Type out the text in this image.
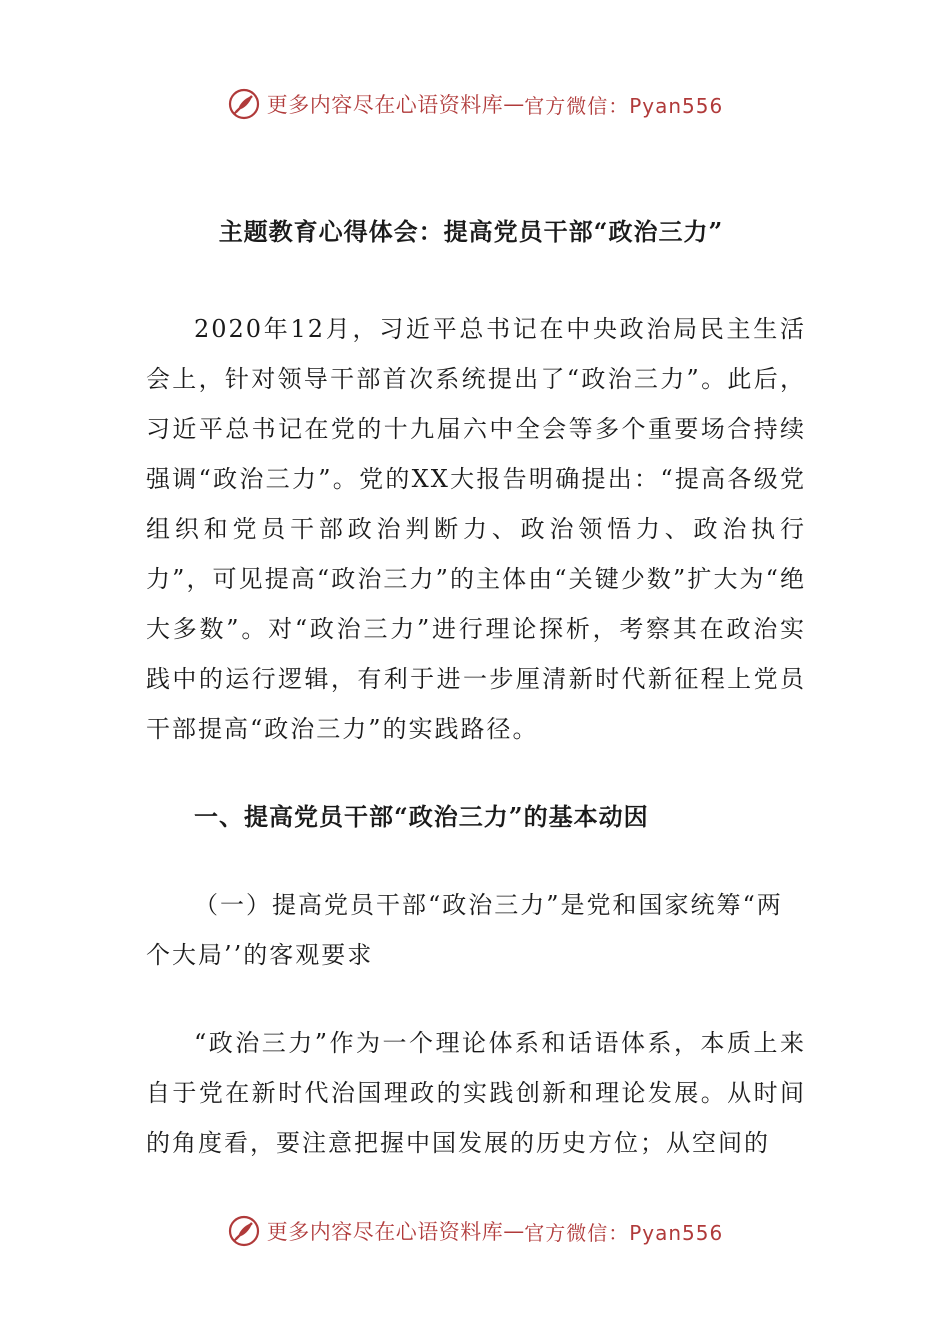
更多内容尽在心语资料库 — 官方微信：Pyan556
主题教育心得体会：提高党员干部“政治三力”

2020年12月，习近平总书记在中央政治局民主生活会上，针对领导干部首次系统提出了“政治三力”。此后，习近平总书记在党的十九届六中全会等多个重要场合持续强调“政治三力”。党的XX大报告明确提出：“提高各级党组织和党员干部政治判断力、政治领悟力、政治执行力”，可见提高“政治三力”的主体由“关键少数”扩大为“绝大多数”。对“政治三力”进行理论探析，考察其在政治实践中的运行逻辑，有利于进一步厘清新时代新征程上党员干部提高“政治三力”的实践路径。

一、提高党员干部“政治三力”的基本动因
（一）提高党员干部“政治三力”是党和国家统筹“两个大局’’的客观要求

“政治三力”作为一个理论体系和话语体系，本质上来自于党在新时代治国理政的实践创新和理论发展。从时间的角度看，要注意把握中国发展的历史方位；从空间的

更多内容尽在心语资料库 — 官方微信：Pyan556
